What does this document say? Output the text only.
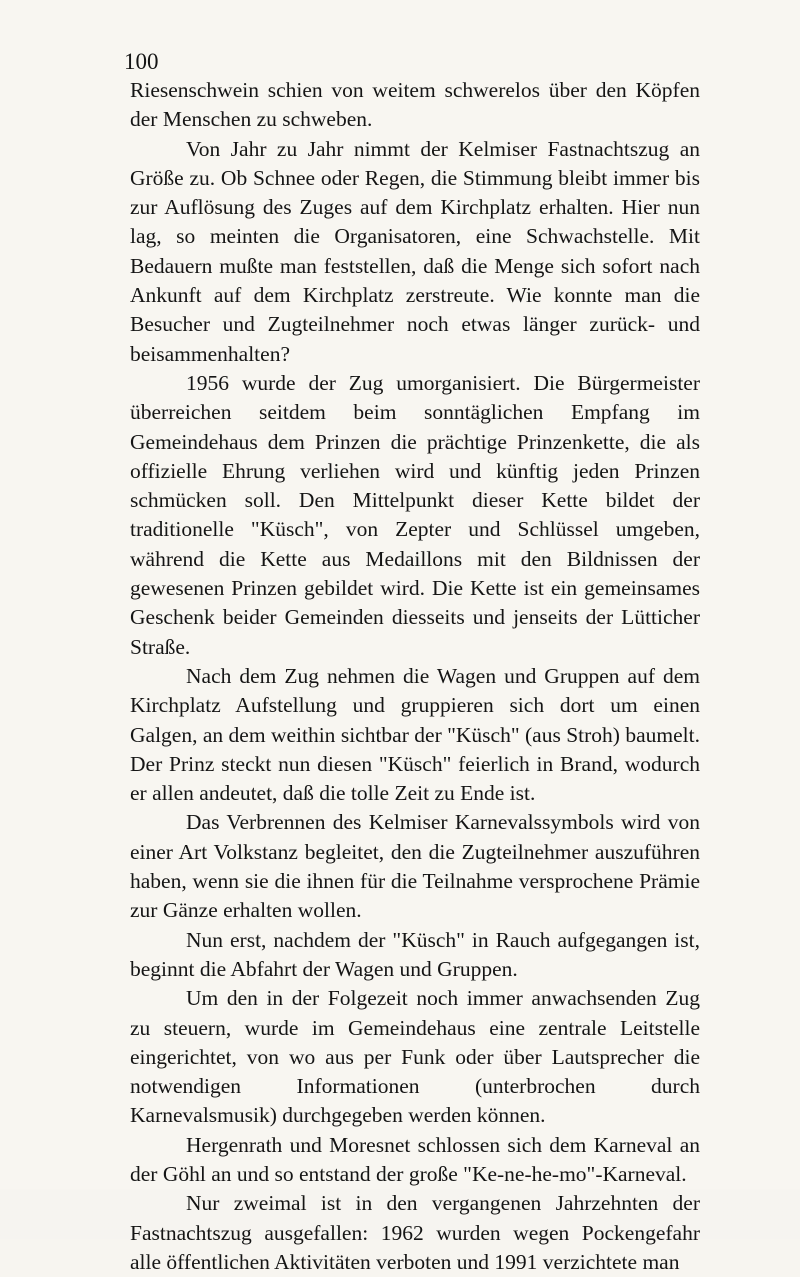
100

Riesenschwein schien von weitem schwerelos über den Köpfen der Menschen zu schweben.

Von Jahr zu Jahr nimmt der Kelmiser Fastnachtszug an Größe zu. Ob Schnee oder Regen, die Stimmung bleibt immer bis zur Auflösung des Zuges auf dem Kirchplatz erhalten. Hier nun lag, so meinten die Organisatoren, eine Schwachstelle. Mit Bedauern mußte man feststellen, daß die Menge sich sofort nach Ankunft auf dem Kirchplatz zerstreute. Wie konnte man die Besucher und Zugteilnehmer noch etwas länger zurück- und beisammenhalten?

1956 wurde der Zug umorganisiert. Die Bürgermeister überreichen seitdem beim sonntäglichen Empfang im Gemeindehaus dem Prinzen die prächtige Prinzenkette, die als offizielle Ehrung verliehen wird und künftig jeden Prinzen schmücken soll. Den Mittelpunkt dieser Kette bildet der traditionelle "Küsch", von Zepter und Schlüssel umgeben, während die Kette aus Medaillons mit den Bildnissen der gewesenen Prinzen gebildet wird. Die Kette ist ein gemeinsames Geschenk beider Gemeinden diesseits und jenseits der Lütticher Straße.

Nach dem Zug nehmen die Wagen und Gruppen auf dem Kirchplatz Aufstellung und gruppieren sich dort um einen Galgen, an dem weithin sichtbar der "Küsch" (aus Stroh) baumelt. Der Prinz steckt nun diesen "Küsch" feierlich in Brand, wodurch er allen andeutet, daß die tolle Zeit zu Ende ist.

Das Verbrennen des Kelmiser Karnevalssymbols wird von einer Art Volkstanz begleitet, den die Zugteilnehmer auszuführen haben, wenn sie die ihnen für die Teilnahme versprochene Prämie zur Gänze erhalten wollen.

Nun erst, nachdem der "Küsch" in Rauch aufgegangen ist, beginnt die Abfahrt der Wagen und Gruppen.

Um den in der Folgezeit noch immer anwachsenden Zug zu steuern, wurde im Gemeindehaus eine zentrale Leitstelle eingerichtet, von wo aus per Funk oder über Lautsprecher die notwendigen Informationen (unterbrochen durch Karnevalsmusik) durchgegeben werden können.

Hergenrath und Moresnet schlossen sich dem Karneval an der Göhl an und so entstand der große "Ke-ne-he-mo"-Karneval.

Nur zweimal ist in den vergangenen Jahrzehnten der Fastnachtszug ausgefallen: 1962 wurden wegen Pockengefahr alle öffentlichen Aktivitäten verboten und 1991 verzichtete man
